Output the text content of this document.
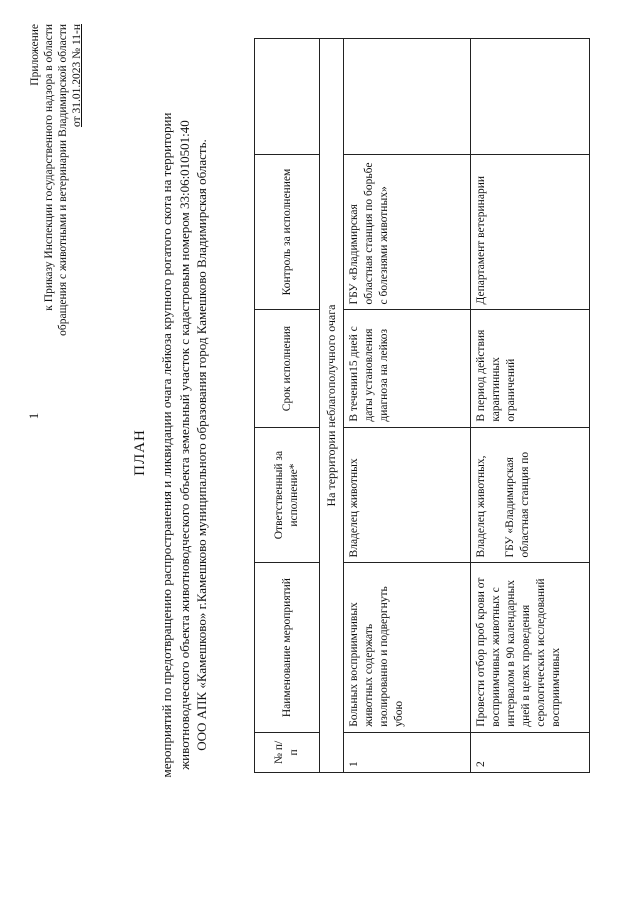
1
Приложение к Приказу Инспекции государственного надзора в области обращения с животными и ветеринарии Владимирской области от 31.01.2023 № 11-н
ПЛАН мероприятий по предотвращению распространения и ликвидации очага лейкоза крупного рогатого скота на территории животноводческого объекта животноводческого объекта земельный участок с кадастровым номером 33:06:010501:40 ООО АПК «Камешково» г.Камешково муниципального образования город Камешково Владимирская область.
№ п/п	Наименование мероприятий	Ответственный за исполнение*	Срок исполнения	Контроль за исполнением	
На территории неблагополучного очага					
1	Больных восприимчивых животных содержать изолированно и подвергнуть убою	Владелец животных	В течении15 дней с даты установления диагноза на лейкоз	ГБУ «Владимирская областная станция по борьбе с болезнями животных»	
2	Провести отбор проб крови от восприимчивых животных с интервалом в 90 календарных дней в целях проведения серологических исследований восприимчивых	Владелец животных, ГБУ «Владимирская областная станция по	В период действия карантинных ограничений	Департамент ветеринарии	
